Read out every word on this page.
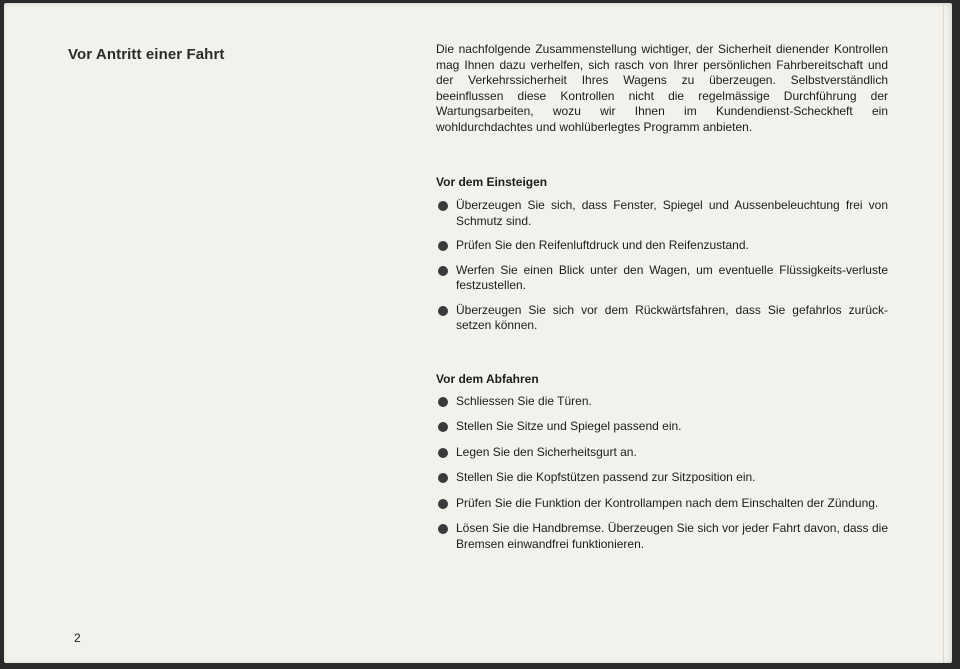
Vor Antritt einer Fahrt	Die nachfolgende Zusammenstellung wichtiger, der Sicherheit dienender Kontrollen mag Ihnen dazu verhelfen, sich rasch von Ihrer persönlichen Fahrbereitschaft und der Verkehrssicherheit Ihres Wagens zu überzeugen. Selbstverständlich beeinflussen diese Kontrollen nicht die regelmässige Durchführung der Wartungsarbeiten, wozu wir Ihnen im Kundendienst-Scheckheft ein wohldurchdachtes und wohlüberlegtes Programm anbieten.

Vor dem Einsteigen
Überzeugen Sie sich, dass Fenster, Spiegel und Aussenbeleuchtung frei von Schmutz sind.
Prüfen Sie den Reifenluftdruck und den Reifenzustand.
Werfen Sie einen Blick unter den Wagen, um eventuelle Flüssigkeits-verluste festzustellen.
Überzeugen Sie sich vor dem Rückwärtsfahren, dass Sie gefahrlos zurück-setzen können.
Vor dem Abfahren
Schliessen Sie die Türen.
Stellen Sie Sitze und Spiegel passend ein.
Legen Sie den Sicherheitsgurt an.
Stellen Sie die Kopfstützen passend zur Sitzposition ein.
Prüfen Sie die Funktion der Kontrollampen nach dem Einschalten der Zündung.
Lösen Sie die Handbremse. Überzeugen Sie sich vor jeder Fahrt davon, dass die Bremsen einwandfrei funktionieren.
2
